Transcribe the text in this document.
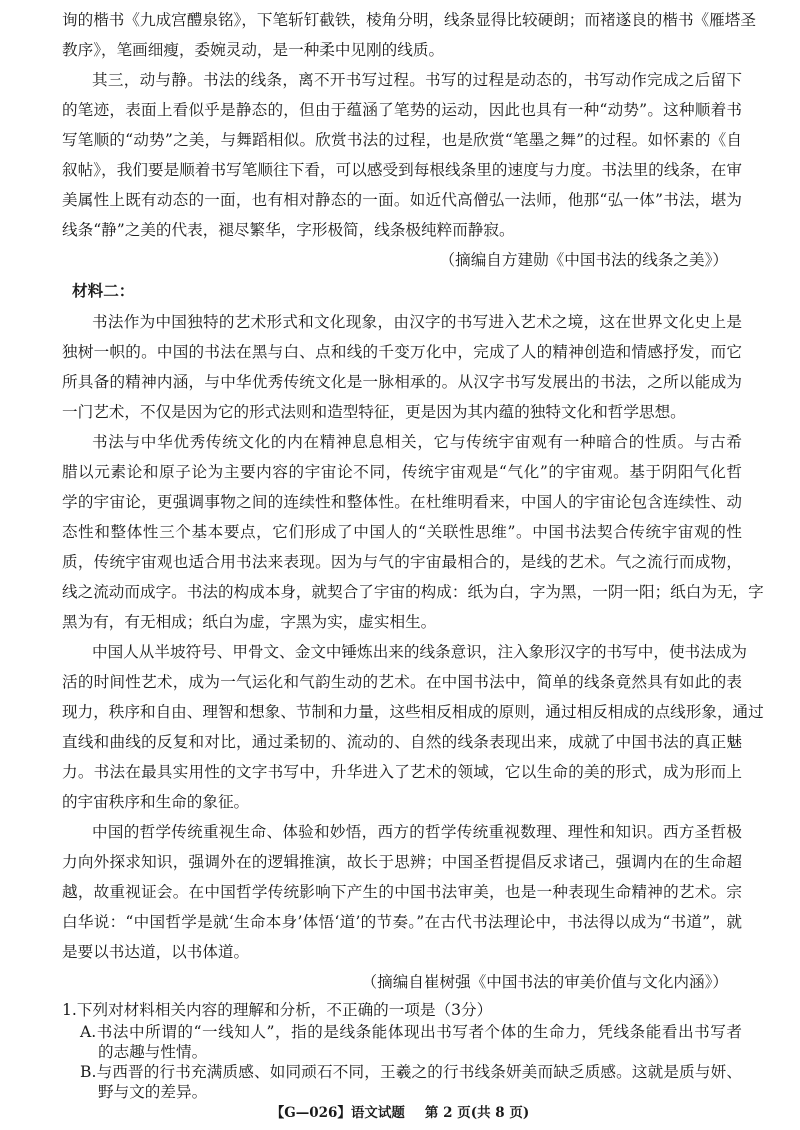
询的楷书《九成宫醴泉铭》，下笔斩钉截铁，棱角分明，线条显得比较硬朗；而褚遂良的楷书《雁塔圣
教序》，笔画细瘦，委婉灵动，是一种柔中见刚的线质。
其三，动与静。书法的线条，离不开书写过程。书写的过程是动态的，书写动作完成之后留下
的笔迹，表面上看似乎是静态的，但由于蕴涵了笔势的运动，因此也具有一种“动势”。这种顺着书
写笔顺的“动势”之美，与舞蹈相似。欣赏书法的过程，也是欣赏“笔墨之舞”的过程。如怀素的《自
叙帖》，我们要是顺着书写笔顺往下看，可以感受到每根线条里的速度与力度。书法里的线条，在审
美属性上既有动态的一面，也有相对静态的一面。如近代高僧弘一法师，他那“弘一体”书法，堪为
线条“静”之美的代表，褪尽繁华，字形极简，线条极纯粹而静寂。
（摘编自方建勋《中国书法的线条之美》）
材料二：
书法作为中国独特的艺术形式和文化现象，由汉字的书写进入艺术之境，这在世界文化史上是
独树一帜的。中国的书法在黑与白、点和线的千变万化中，完成了人的精神创造和情感抒发，而它
所具备的精神内涵，与中华优秀传统文化是一脉相承的。从汉字书写发展出的书法，之所以能成为
一门艺术，不仅是因为它的形式法则和造型特征，更是因为其内蕴的独特文化和哲学思想。
书法与中华优秀传统文化的内在精神息息相关，它与传统宇宙观有一种暗合的性质。与古希
腊以元素论和原子论为主要内容的宇宙论不同，传统宇宙观是“气化”的宇宙观。基于阴阳气化哲
学的宇宙论，更强调事物之间的连续性和整体性。在杜维明看来，中国人的宇宙论包含连续性、动
态性和整体性三个基本要点，它们形成了中国人的“关联性思维”。中国书法契合传统宇宙观的性
质，传统宇宙观也适合用书法来表现。因为与气的宇宙最相合的，是线的艺术。气之流行而成物，
线之流动而成字。书法的构成本身，就契合了宇宙的构成：纸为白，字为黑，一阴一阳；纸白为无，字
黑为有，有无相成；纸白为虚，字黑为实，虚实相生。
中国人从半坡符号、甲骨文、金文中锤炼出来的线条意识，注入象形汉字的书写中，使书法成为
活的时间性艺术，成为一气运化和气韵生动的艺术。在中国书法中，简单的线条竟然具有如此的表
现力，秩序和自由、理智和想象、节制和力量，这些相反相成的原则，通过相反相成的点线形象，通过
直线和曲线的反复和对比，通过柔韧的、流动的、自然的线条表现出来，成就了中国书法的真正魅
力。书法在最具实用性的文字书写中，升华进入了艺术的领域，它以生命的美的形式，成为形而上
的宇宙秩序和生命的象征。
中国的哲学传统重视生命、体验和妙悟，西方的哲学传统重视数理、理性和知识。西方圣哲极
力向外探求知识，强调外在的逻辑推演，故长于思辨；中国圣哲提倡反求诸己，强调内在的生命超
越，故重视证会。在中国哲学传统影响下产生的中国书法审美，也是一种表现生命精神的艺术。宗
白华说：“中国哲学是就‘生命本身’体悟‘道’的节奏。”在古代书法理论中，书法得以成为“书道”，就
是要以书达道，以书体道。
（摘编自崔树强《中国书法的审美价值与文化内涵》）
1.下列对材料相关内容的理解和分析，不正确的一项是（3分）
A.书法中所谓的“一线知人”，指的是线条能体现出书写者个体的生命力，凭线条能看出书写者
的志趣与性情。
B.与西晋的行书充满质感、如同顽石不同，王羲之的行书线条妍美而缺乏质感。这就是质与妍、
野与文的差异。
【G—026】语文试题 第 2 页(共 8 页)
